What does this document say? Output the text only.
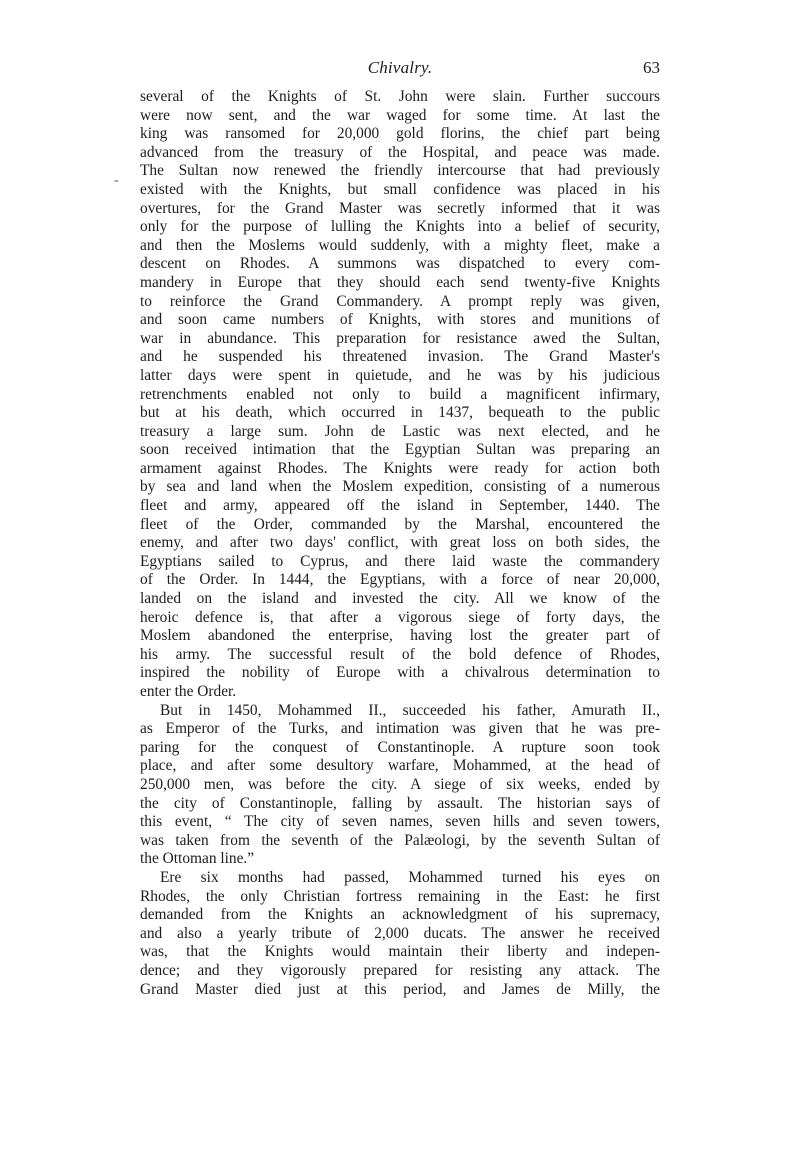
Chivalry.	63
-
several of the Knights of St. John were slain. Further succours
were now sent, and the war waged for some time. At last the
king was ransomed for 20,000 gold florins, the chief part being
advanced from the treasury of the Hospital, and peace was made.
The Sultan now renewed the friendly intercourse that had previously
existed with the Knights, but small confidence was placed in his
overtures, for the Grand Master was secretly informed that it was
only for the purpose of lulling the Knights into a belief of security,
and then the Moslems would suddenly, with a mighty fleet, make a
descent on Rhodes. A summons was dispatched to every com-
mandery in Europe that they should each send twenty-five Knights
to reinforce the Grand Commandery. A prompt reply was given,
and soon came numbers of Knights, with stores and munitions of
war in abundance. This preparation for resistance awed the Sultan,
and he suspended his threatened invasion. The Grand Master's
latter days were spent in quietude, and he was by his judicious
retrenchments enabled not only to build a magnificent infirmary,
but at his death, which occurred in 1437, bequeath to the public
treasury a large sum. John de Lastic was next elected, and he
soon received intimation that the Egyptian Sultan was preparing an
armament against Rhodes. The Knights were ready for action both
by sea and land when the Moslem expedition, consisting of a numerous
fleet and army, appeared off the island in September, 1440. The
fleet of the Order, commanded by the Marshal, encountered the
enemy, and after two days' conflict, with great loss on both sides, the
Egyptians sailed to Cyprus, and there laid waste the commandery
of the Order. In 1444, the Egyptians, with a force of near 20,000,
landed on the island and invested the city. All we know of the
heroic defence is, that after a vigorous siege of forty days, the
Moslem abandoned the enterprise, having lost the greater part of
his army. The successful result of the bold defence of Rhodes,
inspired the nobility of Europe with a chivalrous determination to
enter the Order.
But in 1450, Mohammed II., succeeded his father, Amurath II.,
as Emperor of the Turks, and intimation was given that he was pre-
paring for the conquest of Constantinople. A rupture soon took
place, and after some desultory warfare, Mohammed, at the head of
250,000 men, was before the city. A siege of six weeks, ended by
the city of Constantinople, falling by assault. The historian says of
this event, “ The city of seven names, seven hills and seven towers,
was taken from the seventh of the Palæologi, by the seventh Sultan of
the Ottoman line.”
Ere six months had passed, Mohammed turned his eyes on
Rhodes, the only Christian fortress remaining in the East: he first
demanded from the Knights an acknowledgment of his supremacy,
and also a yearly tribute of 2,000 ducats. The answer he received
was, that the Knights would maintain their liberty and indepen-
dence; and they vigorously prepared for resisting any attack. The
Grand Master died just at this period, and James de Milly, the
